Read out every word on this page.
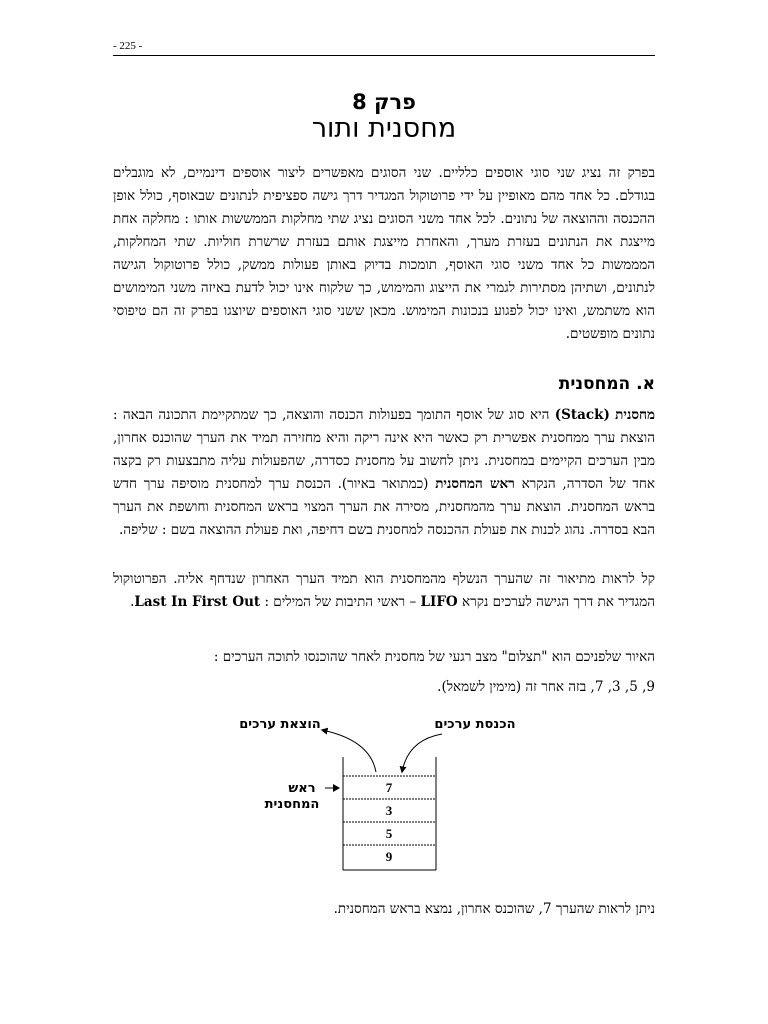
- 225 -
פרק 8
מחסנית ותור

בפרק זה נציג שני סוגי אוספים כלליים. שני הסוגים מאפשרים ליצור אוספים דינמיים, לא מוגבלים בגודלם. כל אחד מהם מאופיין על ידי פרוטוקול המגדיר דרך גישה ספציפית לנתונים שבאוסף, כולל אופן ההכנסה וההוצאה של נתונים. לכל אחד משני הסוגים נציג שתי מחלקות הממששות אותו : מחלקה אחת מייצגת את הנתונים בעזרת מערך, והאחרת מייצגת אותם בעזרת שרשרת חוליות. שתי המחלקות, המממשות כל אחד משני סוגי האוסף, תומכות בדיוק באותן פעולות ממשק, כולל פרוטוקול הגישה לנתונים, ושתיהן מסתירות לגמרי את הייצוג והמימוש, כך שלקוח אינו יכול לדעת באיזה משני המימושים הוא משתמש, ואינו יכול לפגוע בנכונות המימוש. מכאן ששני סוגי האוספים שיוצגו בפרק זה הם טיפוסי נתונים מופשטים.

א. המחסנית

מחסנית (Stack) היא סוג של אוסף התומך בפעולות הכנסה והוצאה, כך שמתקיימת התכונה הבאה : הוצאת ערך ממחסנית אפשרית רק כאשר היא אינה ריקה והיא מחזירה תמיד את הערך שהוכנס אחרון, מבין הערכים הקיימים במחסנית. ניתן לחשוב על מחסנית כסדרה, שהפעולות עליה מתבצעות רק בקצה אחד של הסדרה, הנקרא ראש המחסנית (כמתואר באיור). הכנסת ערך למחסנית מוסיפה ערך חדש בראש המחסנית. הוצאת ערך מהמחסנית, מסירה את הערך המצוי בראש המחסנית וחושפת את הערך הבא בסדרה. נהוג לכנות את פעולת ההכנסה למחסנית בשם דחיפה, ואת פעולת ההוצאה בשם : שליפה.

קל לראות מתיאור זה שהערך הנשלף מהמחסנית הוא תמיד הערך האחרון שנדחף אליה. הפרוטוקול המגדיר את דרך הגישה לערכים נקרא LIFO – ראשי התיבות של המילים : Last In First Out.

האיור שלפניכם הוא "תצלום" מצב רגעי של מחסנית לאחר שהוכנסו לתוכה הערכים :

9, 5, 3, 7, בזה אחר זה (מימין לשמאל).

הכנסת ערכים
הוצאת ערכים
7
3
5
9
ראש
המחסנית

ניתן לראות שהערך 7, שהוכנס אחרון, נמצא בראש המחסנית.
